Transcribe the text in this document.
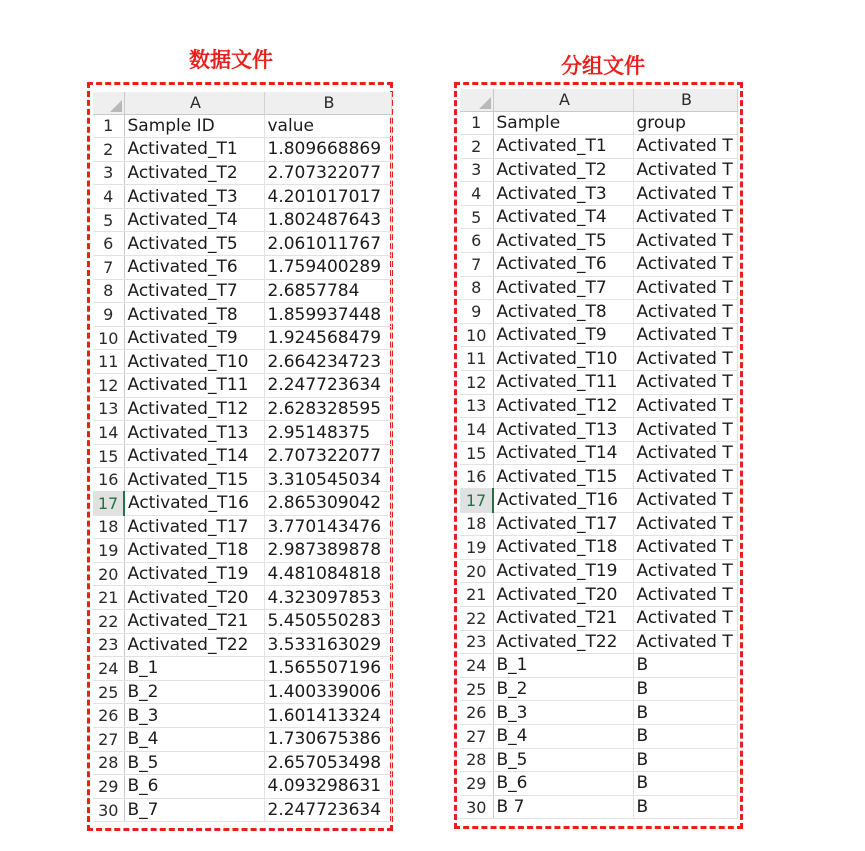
数据文件	分组文件
	A	B
1	Sample ID	value
2	Activated_T1	1.809668869
3	Activated_T2	2.707322077
4	Activated_T3	4.201017017
5	Activated_T4	1.802487643
6	Activated_T5	2.061011767
7	Activated_T6	1.759400289
8	Activated_T7	2.6857784
9	Activated_T8	1.859937448
10	Activated_T9	1.924568479
11	Activated_T10	2.664234723
12	Activated_T11	2.247723634
13	Activated_T12	2.628328595
14	Activated_T13	2.95148375
15	Activated_T14	2.707322077
16	Activated_T15	3.310545034
17	Activated_T16	2.865309042
18	Activated_T17	3.770143476
19	Activated_T18	2.987389878
20	Activated_T19	4.481084818
21	Activated_T20	4.323097853
22	Activated_T21	5.450550283
23	Activated_T22	3.533163029
24	B_1	1.565507196
25	B_2	1.400339006
26	B_3	1.601413324
27	B_4	1.730675386
28	B_5	2.657053498
29	B_6	4.093298631
30	B_7	2.247723634
	A	B
1	Sample	group
2	Activated_T1	Activated T
3	Activated_T2	Activated T
4	Activated_T3	Activated T
5	Activated_T4	Activated T
6	Activated_T5	Activated T
7	Activated_T6	Activated T
8	Activated_T7	Activated T
9	Activated_T8	Activated T
10	Activated_T9	Activated T
11	Activated_T10	Activated T
12	Activated_T11	Activated T
13	Activated_T12	Activated T
14	Activated_T13	Activated T
15	Activated_T14	Activated T
16	Activated_T15	Activated T
17	Activated_T16	Activated T
18	Activated_T17	Activated T
19	Activated_T18	Activated T
20	Activated_T19	Activated T
21	Activated_T20	Activated T
22	Activated_T21	Activated T
23	Activated_T22	Activated T
24	B_1	B
25	B_2	B
26	B_3	B
27	B_4	B
28	B_5	B
29	B_6	B
30	B 7	B
